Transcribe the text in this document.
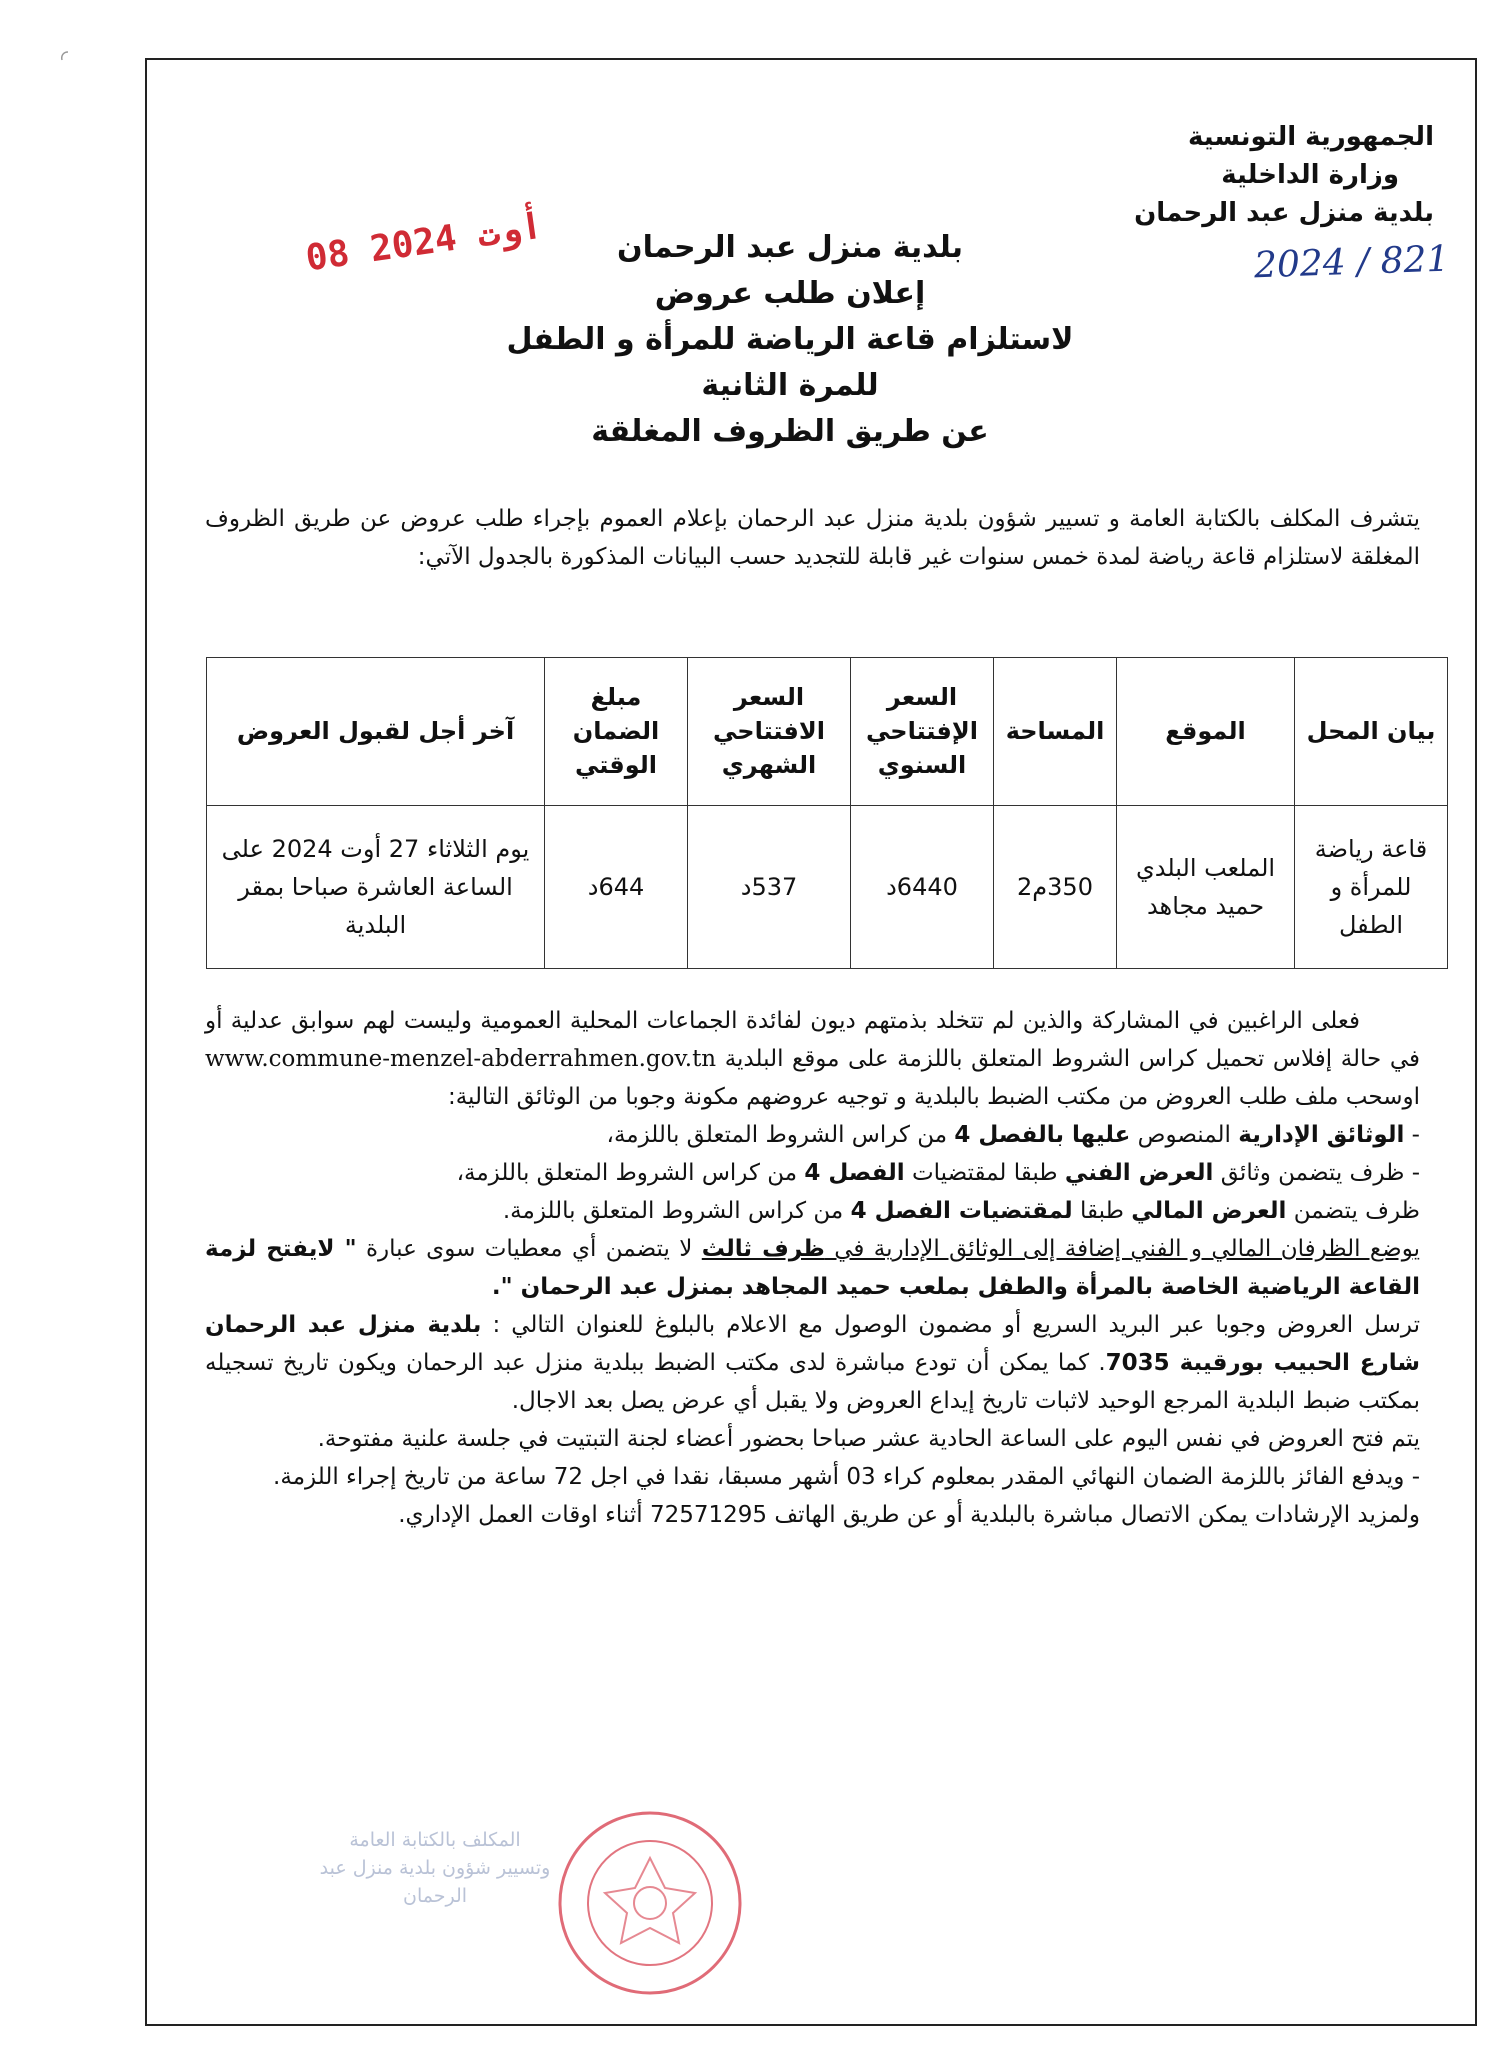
الجمهورية التونسية
وزارة الداخلية
بلدية منزل عبد الرحمان
2024 / 821
08 أوت 2024	بلدية منزل عبد الرحمان
إعلان طلب عروض
لاستلزام قاعة الرياضة للمرأة و الطفل
للمرة الثانية
عن طريق الظروف المغلقة
يتشرف المكلف بالكتابة العامة و تسيير شؤون بلدية منزل عبد الرحمان بإعلام العموم بإجراء طلب عروض عن طريق الظروف المغلقة لاستلزام قاعة رياضة لمدة خمس سنوات غير قابلة للتجديد حسب البيانات المذكورة بالجدول الآتي:
بيان المحل	الموقع	المساحة	السعر الإفتتاحي السنوي	السعر الافتتاحي الشهري	مبلغ الضمان الوقتي	آخر أجل لقبول العروض
قاعة رياضة للمرأة و الطفل	الملعب البلدي حميد مجاهد	350م2	6440د	537د	644د	يوم الثلاثاء 27 أوت 2024 على الساعة العاشرة صباحا بمقر البلدية

فعلى الراغبين في المشاركة والذين لم تتخلد بذمتهم ديون لفائدة الجماعات المحلية العمومية وليست لهم سوابق عدلية أو في حالة إفلاس تحميل كراس الشروط المتعلق باللزمة على موقع البلدية www.commune-menzel-abderrahmen.gov.tn اوسحب ملف طلب العروض من مكتب الضبط بالبلدية و توجيه عروضهم مكونة وجوبا من الوثائق التالية:

- الوثائق الإدارية المنصوص عليها بالفصل 4 من كراس الشروط المتعلق باللزمة،

- ظرف يتضمن وثائق العرض الفني طبقا لمقتضيات الفصل 4 من كراس الشروط المتعلق باللزمة،

ظرف يتضمن العرض المالي طبقا لمقتضيات الفصل 4 من كراس الشروط المتعلق باللزمة.

يوضع الظرفان المالي و الفني إضافة إلى الوثائق الإدارية في ظرف ثالث لا يتضمن أي معطيات سوى عبارة " لايفتح لزمة القاعة الرياضية الخاصة بالمرأة والطفل بملعب حميد المجاهد بمنزل عبد الرحمان ".

ترسل العروض وجوبا عبر البريد السريع أو مضمون الوصول مع الاعلام بالبلوغ للعنوان التالي : بلدية منزل عبد الرحمان شارع الحبيب بورقيبة 7035. كما يمكن أن تودع مباشرة لدى مكتب الضبط ببلدية منزل عبد الرحمان ويكون تاريخ تسجيله بمكتب ضبط البلدية المرجع الوحيد لاثبات تاريخ إيداع العروض ولا يقبل أي عرض يصل بعد الاجال.

يتم فتح العروض في نفس اليوم على الساعة الحادية عشر صباحا بحضور أعضاء لجنة التبتيت في جلسة علنية مفتوحة.

- ويدفع الفائز باللزمة الضمان النهائي المقدر بمعلوم كراء 03 أشهر مسبقا، نقدا في اجل 72 ساعة من تاريخ إجراء اللزمة.

ولمزيد الإرشادات يمكن الاتصال مباشرة بالبلدية أو عن طريق الهاتف 72571295 أثناء اوقات العمل الإداري.

المكلف بالكتابة العامة
وتسيير شؤون بلدية منزل عبد الرحمان
